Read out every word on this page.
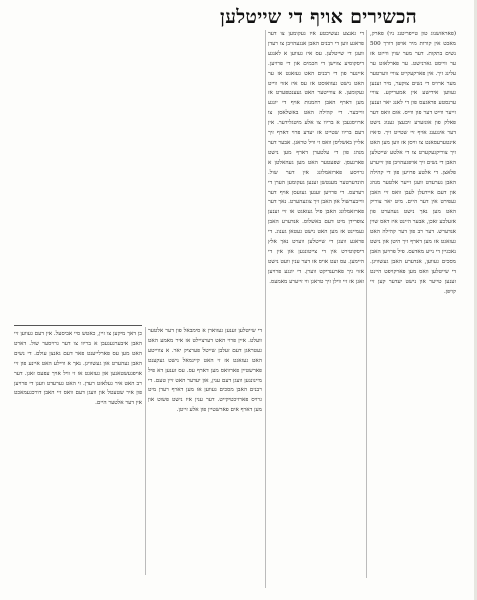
הכשירים אויף די שייטלען

(פאראזשנוג טון טייפריטנג ניו) פארק, מאכט אין קורות מיר אויפן דורך 500 נשים בתקות. דער מער שוין ווייזט אז ער ווייסט גארנישט. ער פארלאזט ער עלינג זיך. אין פארקעקייט צוויי ווערטער מער ארויס די נשים צוקער, מיר זענען געווען אידישע אין אמעריקע. צוויי ערנסטע פראגעס פון די לאנג יאר זענען זייער ווייט דער פון ווייס. אום וואס דער פאלק פון אונזערע זיבעצן גענוג נישט דער אינגענג אויף זיי שטייט זיך. ס׳איז אינטערעסאנט צו וויסן אז ווען מען האט זיך צוריקגעקערט צו די אלטע שייטלען האבן די נשים זיך אויפגעהויבן פון זייערע פלאצן. די אלטע פרויען פון די קהילה האבן גערעדט וועגן זייער אלטער מנהג און דעם איידעלן לעבן וואס זיי האבן געפירט אין דער היים. מיט יאר צוריק האט מען נאך נישט געהערט פון אזעלכע זאכן, אבער היינט איז דאס שוין אנדערש. דער רב פון דער קהילה האט געזאגט אז מען דארף זיך היטן און נישט נאכגיין די נייע מאדעס. פיל פרויען האבן מסכים געווען, אנדערע האבן געשוויגן. די שייטלען וואס מען פארקויפט היינט זענען טייער און נישט יעדער קען זיי קויפן.

די גאנצע געשיכטע איז געקומען צו דער פראגע ווען די רבנים האבן אנגעהויבן צו רעדן וועגן די שייטלען. עס איז געווען א לאנגע דיסקוסיע צווישן די חכמים און די פרויען. איינער פון די רבנים האט געזאגט אז ער האט נישט געוואוסט אז עס איז אזוי ווייט געקומען. א צווייטער האט געענטפערט אז מען דארף האבן רחמנות אויף די יונגע ווייבער. די קהילה האט באשלאסן צו ארויסגעבן א בריוו צו אלע מיטגלידער. אין דעם בריוו שטייט אז יעדע פרוי דארף זיך אליין באשליסן וואס זי וויל טראגן. אבער דער מנהג פון די עלטערן דארף מען נישט פארגעסן. שפעטער האט מען געהאלטן א גרויסע פארזאמלונג אין דער שול. הונדערטער מענטשן זענען געקומען הערן די רעדעס. די פרויען זענען געזעסן אויף דער ווייבערשול און האבן זיך צוגעהערט. נאך דער פארזאמלונג האבן פיל געזאגט אז זיי זענען צופרידן מיט דעם באשלוס. אנדערע האבן געמיינט אז מען האט נישט געטאן גענוג. די פראגע וועגן די שייטלען ווערט נאך אלץ דיסקוטירט אין די צייטונגען און אין די היימען. עס זעט אויס אז דער ענין וועט נישט אזוי גיך פארענדיקט ווערן. די יונגע פרויען זאגן אז זיי ווילן זיך טראגן ווי זייערע מאמעס.

די שייטלען זענען געווארן א סימבאל פון דער אלטער וועלט. איין פרוי האט דערציילט אז איר מאמע האט געטראגן דעם זעלבן שייטל פערציק יאר. א צווייטע האט געזאגט אז זי האט קיינמאל נישט געקענט פארשטיין פארוואס מען דארף עס. עס זענען דא פיל מיינונגען וועגן דעם ענין, און יעדער האט זיין טעם. די רבנים האבן מסכים געווען אז מען דארף רעדן מיט גרויס פארזיכטיקייט. דער ענין איז נישט פשוט און מען דארף אים פארשטיין פון אלע זייטן.

כן דאך מיקען צו זיין, כאטש סיי אביסעל. אין דעם געווען זיי האבן איבערגעגעבן א בריוו צו דער גרויסער שול. דארט האט מען עס פארלייענט פאר דעם גאנצן עולם. די נשים האבן געהערט און געשוויגן. נאך א וויילע האט איינע פון זיי אויפגעשטאנען און געזאגט אז זי וויל אויך עפעס זאגן. דער רב האט איר געלאזט רעדן. זי האט גערעדט וועגן די פרויען פון איר שטעטל און וועגן דעם וואס זיי האבן דורכגעמאכט אין דער אלטער היים.
